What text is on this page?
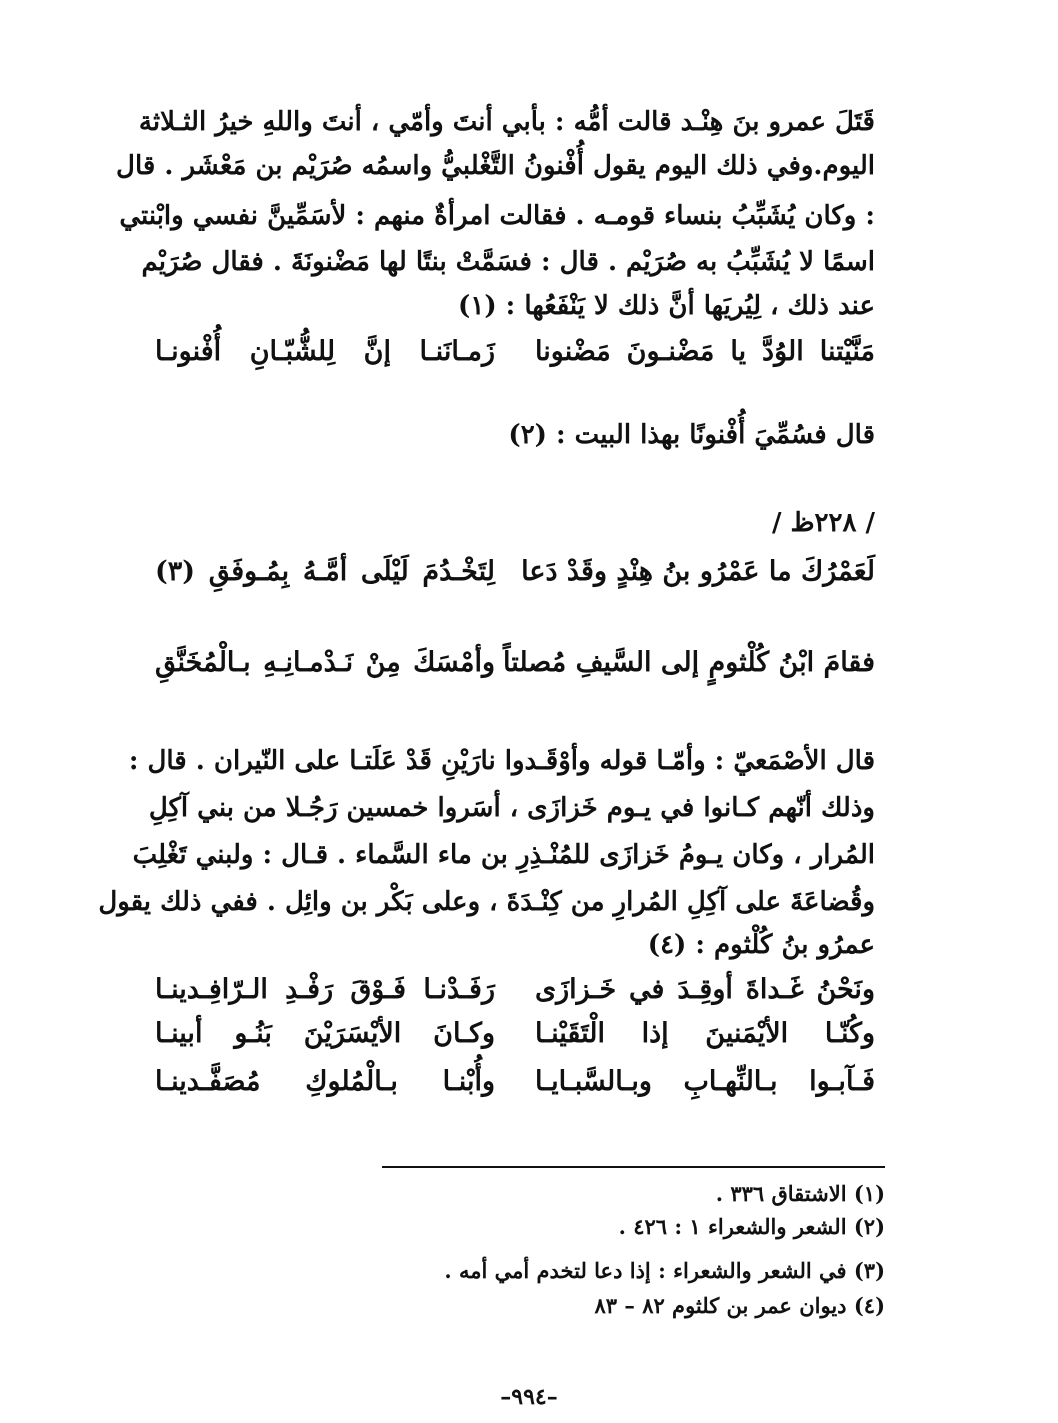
قَتَلَ عمرو بنَ هِنْـد قالت أمُّه : بأبي أنتَ وأمّي ، أنتَ واللهِ خيرُ الثـلاثة
اليوم.وفي ذلك اليوم يقول أُفْنونُ التَّغْلبيُّ واسمُه صُرَيْم بن مَعْشَر . قال
: وكان يُشَبِّبُ بنساء قومـه . فقالت امرأةٌ منهم : لأسَمِّينَّ نفسي وابْنتي
اسمًا لا يُشَبِّبُ به صُرَيْم . قال : فسَمَّتْ بنتًا لها مَضْنونَةَ . فقال صُرَيْم
عند ذلك ، لِيُريَها أنَّ ذلك لا يَنْفَعُها : (١)
مَنَّيْتنا الوُدَّ يا مَضْنـونَ مَضْنونا
زَمـانَنـا إنَّ لِلشُّبّـانِ أُفْنونـا
قال فسُمِّيَ أُفْنونًا بهذا البيت : (٢)
/ ٢٢٨ظ /
لَعَمْرُكَ ما عَمْرُو بنُ هِنْدٍ وقَدْ دَعا
لِتَخْـدُمَ لَيْلَى أمَّـهُ بِمُـوفَقِ (٣)
فقامَ ابْنُ كُلْثومٍ إلى السَّيفِ مُصلتاً
وأمْسَكَ مِنْ نَـدْمـانِـهِ بـالْمُخَنَّقِ
قال الأصْمَعيّ : وأمّـا قوله وأوْقَـدوا نارَيْنِ قَدْ عَلَتـا على النّيران . قال :
وذلك أنّهم كـانوا في يـوم خَزازَى ، أسَروا خمسين رَجُـلا من بني آكِلِ
المُرار ، وكان يـومُ خَزازَى للمُنْـذِرِ بن ماء السَّماء . قـال : ولبني تَغْلِبَ
وقُضاعَةَ على آكِلِ المُرارِ من كِنْـدَةَ ، وعلى بَكْر بن وائِل . ففي ذلك يقول
عمرُو بنُ كُلْثوم : (٤)
ونَحْنُ غَـداةَ أوقِـدَ في خَـزازَى
رَفَـدْنـا فَـوْقَ رَفْـدِ الـرّافِـدينـا
وكُنّـا الأيْمَنينَ إذا الْتَقَيْنـا
وكـانَ الأيْسَرَيْنَ بَنُـو أبينـا
فَـآبـوا بـالنِّهـابِ وبـالسَّبـايـا
وأُبْنـا بـالْمُلوكِ مُصَفَّـدينـا
(١) الاشتقاق ٣٣٦ .
(٢) الشعر والشعراء ١ : ٤٢٦ .
(٣) في الشعر والشعراء : إذا دعا لتخدم أمي أمه .
(٤) ديوان عمر بن كلثوم ٨٢ – ٨٣
–٩٩٤–
